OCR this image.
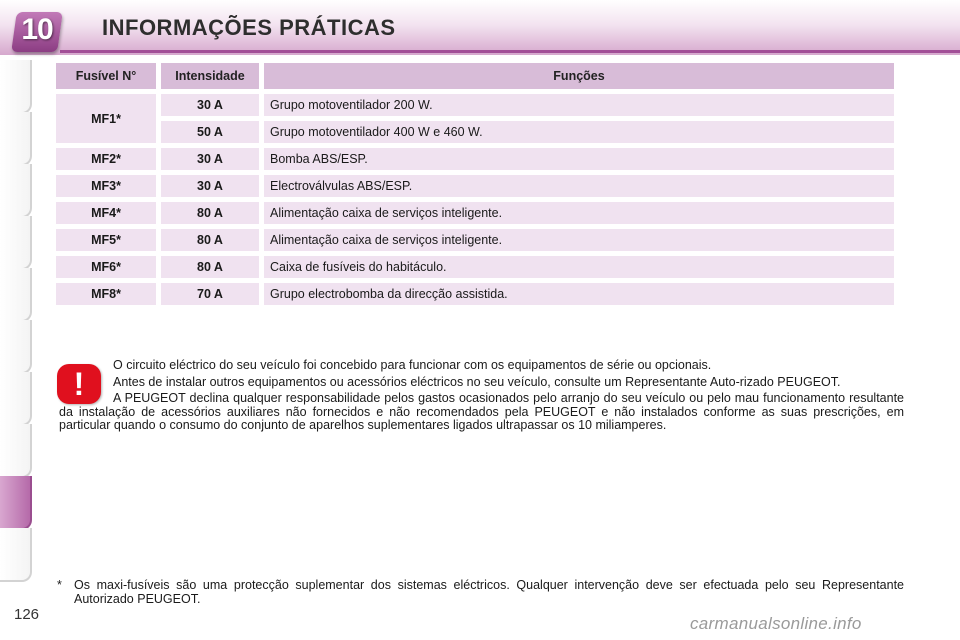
10	INFORMAÇÕES PRÁTICAS
Fusível N°	Intensidade	Funções
MF1*	30 A	Grupo motoventilador 200 W.
	50 A	Grupo motoventilador 400 W e 460 W.
MF2*	30 A	Bomba ABS/ESP.
MF3*	30 A	Electroválvulas ABS/ESP.
MF4*	80 A	Alimentação caixa de serviços inteligente.
MF5*	80 A	Alimentação caixa de serviços inteligente.
MF6*	80 A	Caixa de fusíveis do habitáculo.
MF8*	70 A	Grupo electrobomba da direcção assistida.
!

O circuito eléctrico do seu veículo foi concebido para funcionar com os equipamentos de série ou opcionais.

Antes de instalar outros equipamentos ou acessórios eléctricos no seu veículo, consulte um Representante Auto-rizado PEUGEOT.

A PEUGEOT declina qualquer responsabilidade pelos gastos ocasionados pelo arranjo do seu veículo ou pelo mau funcionamento resultante da instalação de acessórios auxiliares não fornecidos e não recomendados pela PEUGEOT e não instalados conforme as suas prescrições, em particular quando o consumo do conjunto de aparelhos suplementares ligados ultrapassar os 10 miliamperes.

* Os maxi-fusíveis são uma protecção suplementar dos sistemas eléctricos. Qualquer intervenção deve ser efectuada pelo seu Representante Autorizado PEUGEOT.
126	carmanualsonline.info
